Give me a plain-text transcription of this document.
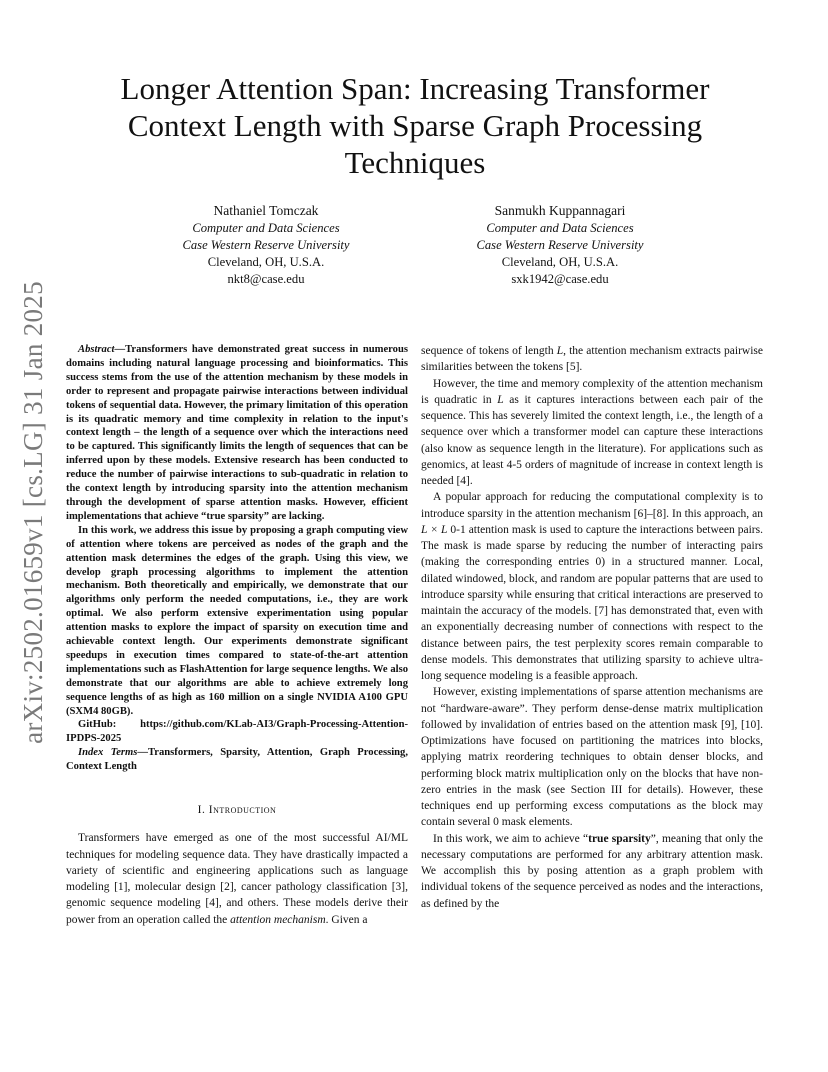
arXiv:2502.01659v1 [cs.LG] 31 Jan 2025
Longer Attention Span: Increasing Transformer Context Length with Sparse Graph Processing Techniques
Nathaniel Tomczak
Computer and Data Sciences
Case Western Reserve University
Cleveland, OH, U.S.A.
nkt8@case.edu
Sanmukh Kuppannagari
Computer and Data Sciences
Case Western Reserve University
Cleveland, OH, U.S.A.
sxk1942@case.edu

Abstract—Transformers have demonstrated great success in numerous domains including natural language processing and bioinformatics. This success stems from the use of the attention mechanism by these models in order to represent and propagate pairwise interactions between individual tokens of sequential data. However, the primary limitation of this operation is its quadratic memory and time complexity in relation to the input's context length – the length of a sequence over which the interactions need to be captured. This significantly limits the length of sequences that can be inferred upon by these models. Extensive research has been conducted to reduce the number of pairwise interactions to sub-quadratic in relation to the context length by introducing sparsity into the attention mechanism through the development of sparse attention masks. However, efficient implementations that achieve “true sparsity” are lacking.

In this work, we address this issue by proposing a graph computing view of attention where tokens are perceived as nodes of the graph and the attention mask determines the edges of the graph. Using this view, we develop graph processing algorithms to implement the attention mechanism. Both theoretically and empirically, we demonstrate that our algorithms only perform the needed computations, i.e., they are work optimal. We also perform extensive experimentation using popular attention masks to explore the impact of sparsity on execution time and achievable context length. Our experiments demonstrate significant speedups in execution times compared to state-of-the-art attention implementations such as FlashAttention for large sequence lengths. We also demonstrate that our algorithms are able to achieve extremely long sequence lengths of as high as 160 million on a single NVIDIA A100 GPU (SXM4 80GB).

GitHub: https://github.com/KLab-AI3/Graph-Processing-Attention-IPDPS-2025

Index Terms—Transformers, Sparsity, Attention, Graph Processing, Context Length

I. Introduction

Transformers have emerged as one of the most successful AI/ML techniques for modeling sequence data. They have drastically impacted a variety of scientific and engineering applications such as language modeling [1], molecular design [2], cancer pathology classification [3], genomic sequence modeling [4], and others. These models derive their power from an operation called the attention mechanism. Given a

sequence of tokens of length L, the attention mechanism extracts pairwise similarities between the tokens [5].

However, the time and memory complexity of the attention mechanism is quadratic in L as it captures interactions between each pair of the sequence. This has severely limited the context length, i.e., the length of a sequence over which a transformer model can capture these interactions (also know as sequence length in the literature). For applications such as genomics, at least 4-5 orders of magnitude of increase in context length is needed [4].

A popular approach for reducing the computational complexity is to introduce sparsity in the attention mechanism [6]–[8]. In this approach, an L × L 0-1 attention mask is used to capture the interactions between pairs. The mask is made sparse by reducing the number of interacting pairs (making the corresponding entries 0) in a structured manner. Local, dilated windowed, block, and random are popular patterns that are used to introduce sparsity while ensuring that critical interactions are preserved to maintain the accuracy of the models. [7] has demonstrated that, even with an exponentially decreasing number of connections with respect to the distance between pairs, the test perplexity scores remain comparable to dense models. This demonstrates that utilizing sparsity to achieve ultra-long sequence modeling is a feasible approach.

However, existing implementations of sparse attention mechanisms are not “hardware-aware”. They perform dense-dense matrix multiplication followed by invalidation of entries based on the attention mask [9], [10]. Optimizations have focused on partitioning the matrices into blocks, applying matrix reordering techniques to obtain denser blocks, and performing block matrix multiplication only on the blocks that have non-zero entries in the mask (see Section III for details). However, these techniques end up performing excess computations as the block may contain several 0 mask elements.

In this work, we aim to achieve “true sparsity”, meaning that only the necessary computations are performed for any arbitrary attention mask. We accomplish this by posing attention as a graph problem with individual tokens of the sequence perceived as nodes and the interactions, as defined by the
